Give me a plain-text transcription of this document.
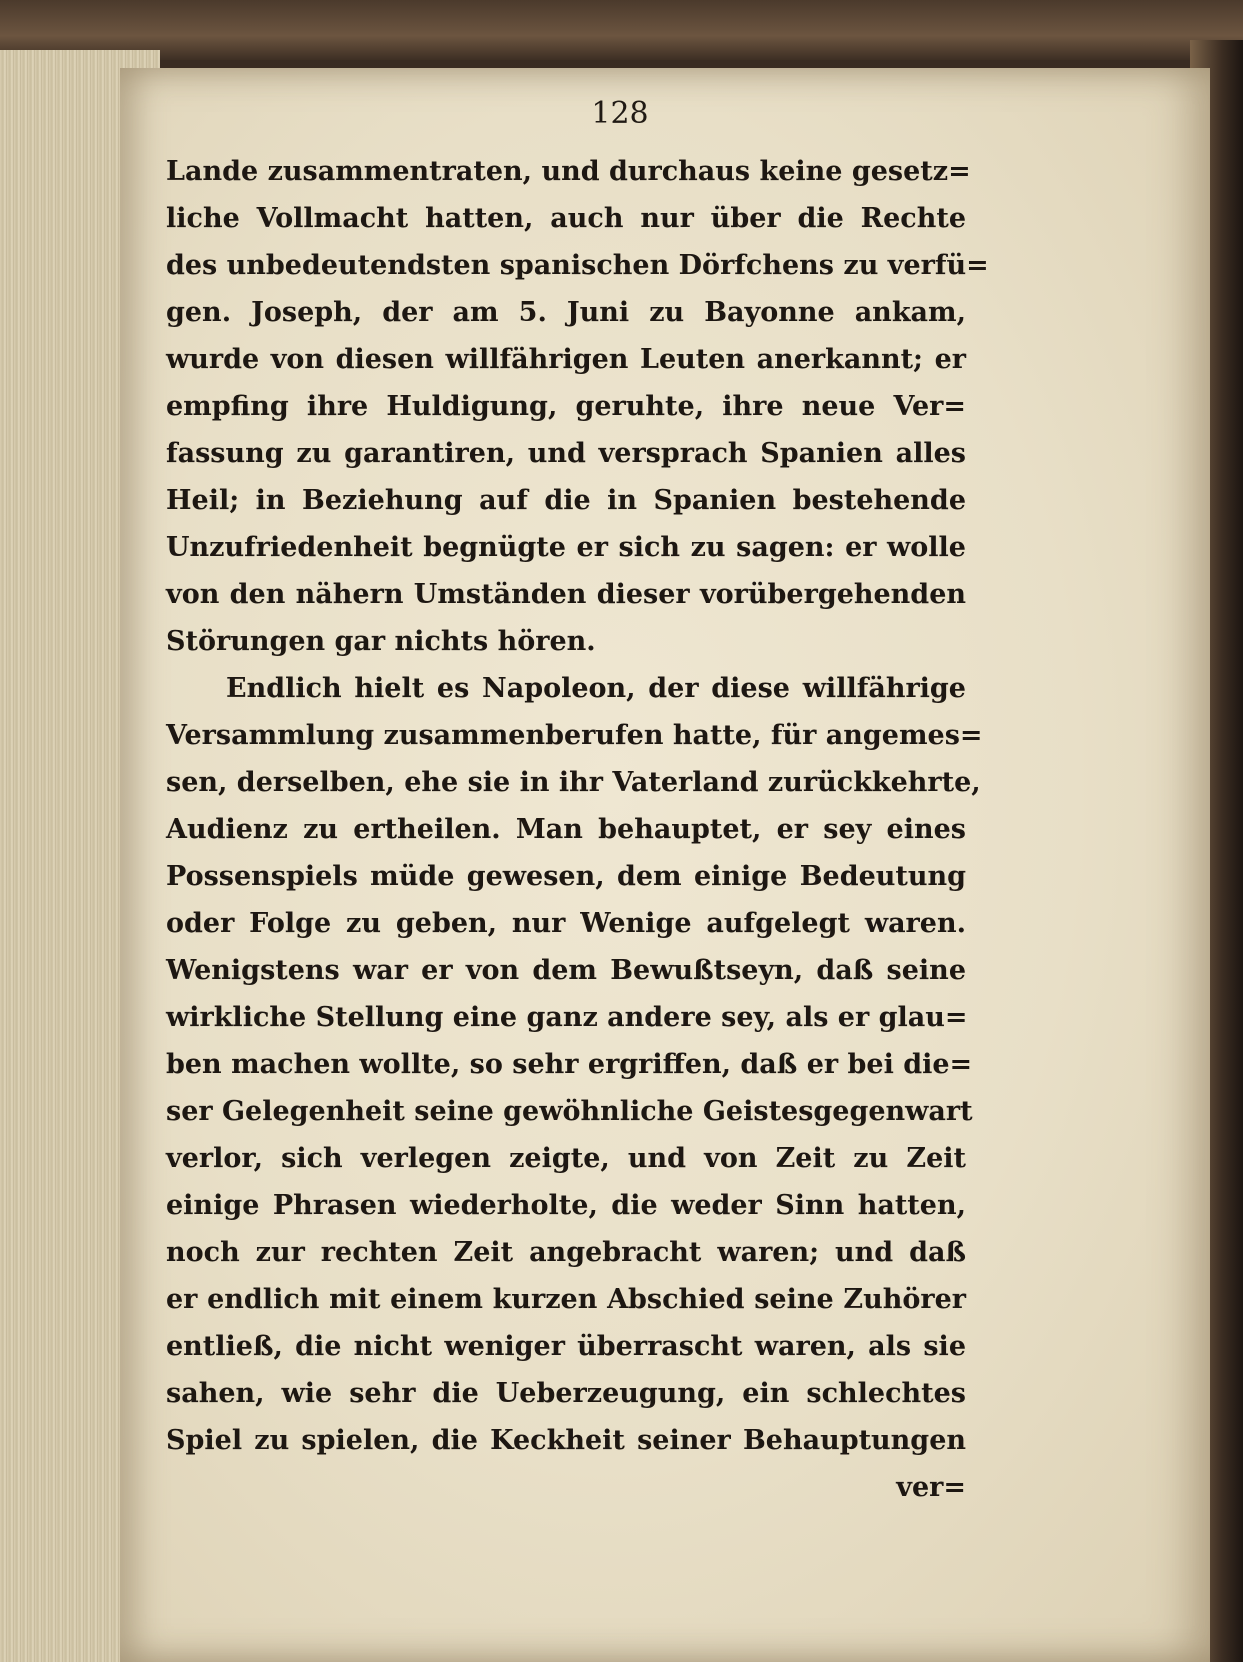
128
Lande zusammentraten, und durchaus keine gesetz=
liche Vollmacht hatten, auch nur über die Rechte
des unbedeutendsten spanischen Dörfchens zu verfü=
gen. Joseph, der am 5. Juni zu Bayonne ankam,
wurde von diesen willfährigen Leuten anerkannt; er
empfing ihre Huldigung, geruhte, ihre neue Ver=
fassung zu garantiren, und versprach Spanien alles
Heil; in Beziehung auf die in Spanien bestehende
Unzufriedenheit begnügte er sich zu sagen: er wolle
von den nähern Umständen dieser vorübergehenden
Störungen gar nichts hören.
Endlich hielt es Napoleon, der diese willfährige
Versammlung zusammenberufen hatte, für angemes=
sen, derselben, ehe sie in ihr Vaterland zurückkehrte,
Audienz zu ertheilen. Man behauptet, er sey eines
Possenspiels müde gewesen, dem einige Bedeutung
oder Folge zu geben, nur Wenige aufgelegt waren.
Wenigstens war er von dem Bewußtseyn, daß seine
wirkliche Stellung eine ganz andere sey, als er glau=
ben machen wollte, so sehr ergriffen, daß er bei die=
ser Gelegenheit seine gewöhnliche Geistesgegenwart
verlor, sich verlegen zeigte, und von Zeit zu Zeit
einige Phrasen wiederholte, die weder Sinn hatten,
noch zur rechten Zeit angebracht waren; und daß
er endlich mit einem kurzen Abschied seine Zuhörer
entließ, die nicht weniger überrascht waren, als sie
sahen, wie sehr die Ueberzeugung, ein schlechtes
Spiel zu spielen, die Keckheit seiner Behauptungen
ver=
